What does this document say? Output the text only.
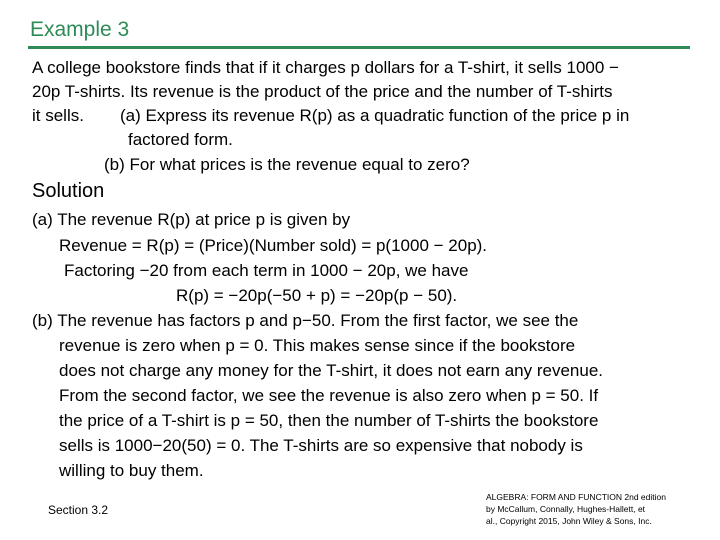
Example 3
A college bookstore finds that if it charges p dollars for a T-shirt, it sells 1000 −
20p T-shirts. Its revenue is the product of the price and the number of T-shirts
it sells. (a) Express its revenue R(p) as a quadratic function of the price p in
factored form.
(b) For what prices is the revenue equal to zero?
Solution
(a) The revenue R(p) at price p is given by
Revenue = R(p) = (Price)(Number sold) = p(1000 − 20p).
Factoring −20 from each term in 1000 − 20p, we have
R(p) = −20p(−50 + p) = −20p(p − 50).
(b) The revenue has factors p and p−50. From the first factor, we see the
revenue is zero when p = 0. This makes sense since if the bookstore
does not charge any money for the T-shirt, it does not earn any revenue.
From the second factor, we see the revenue is also zero when p = 50. If
the price of a T-shirt is p = 50, then the number of T-shirts the bookstore
sells is 1000−20(50) = 0. The T-shirts are so expensive that nobody is
willing to buy them.
Section 3.2
ALGEBRA: FORM AND FUNCTION 2nd edition
by McCallum, Connally, Hughes-Hallett, et
al., Copyright 2015, John Wiley & Sons, Inc.
